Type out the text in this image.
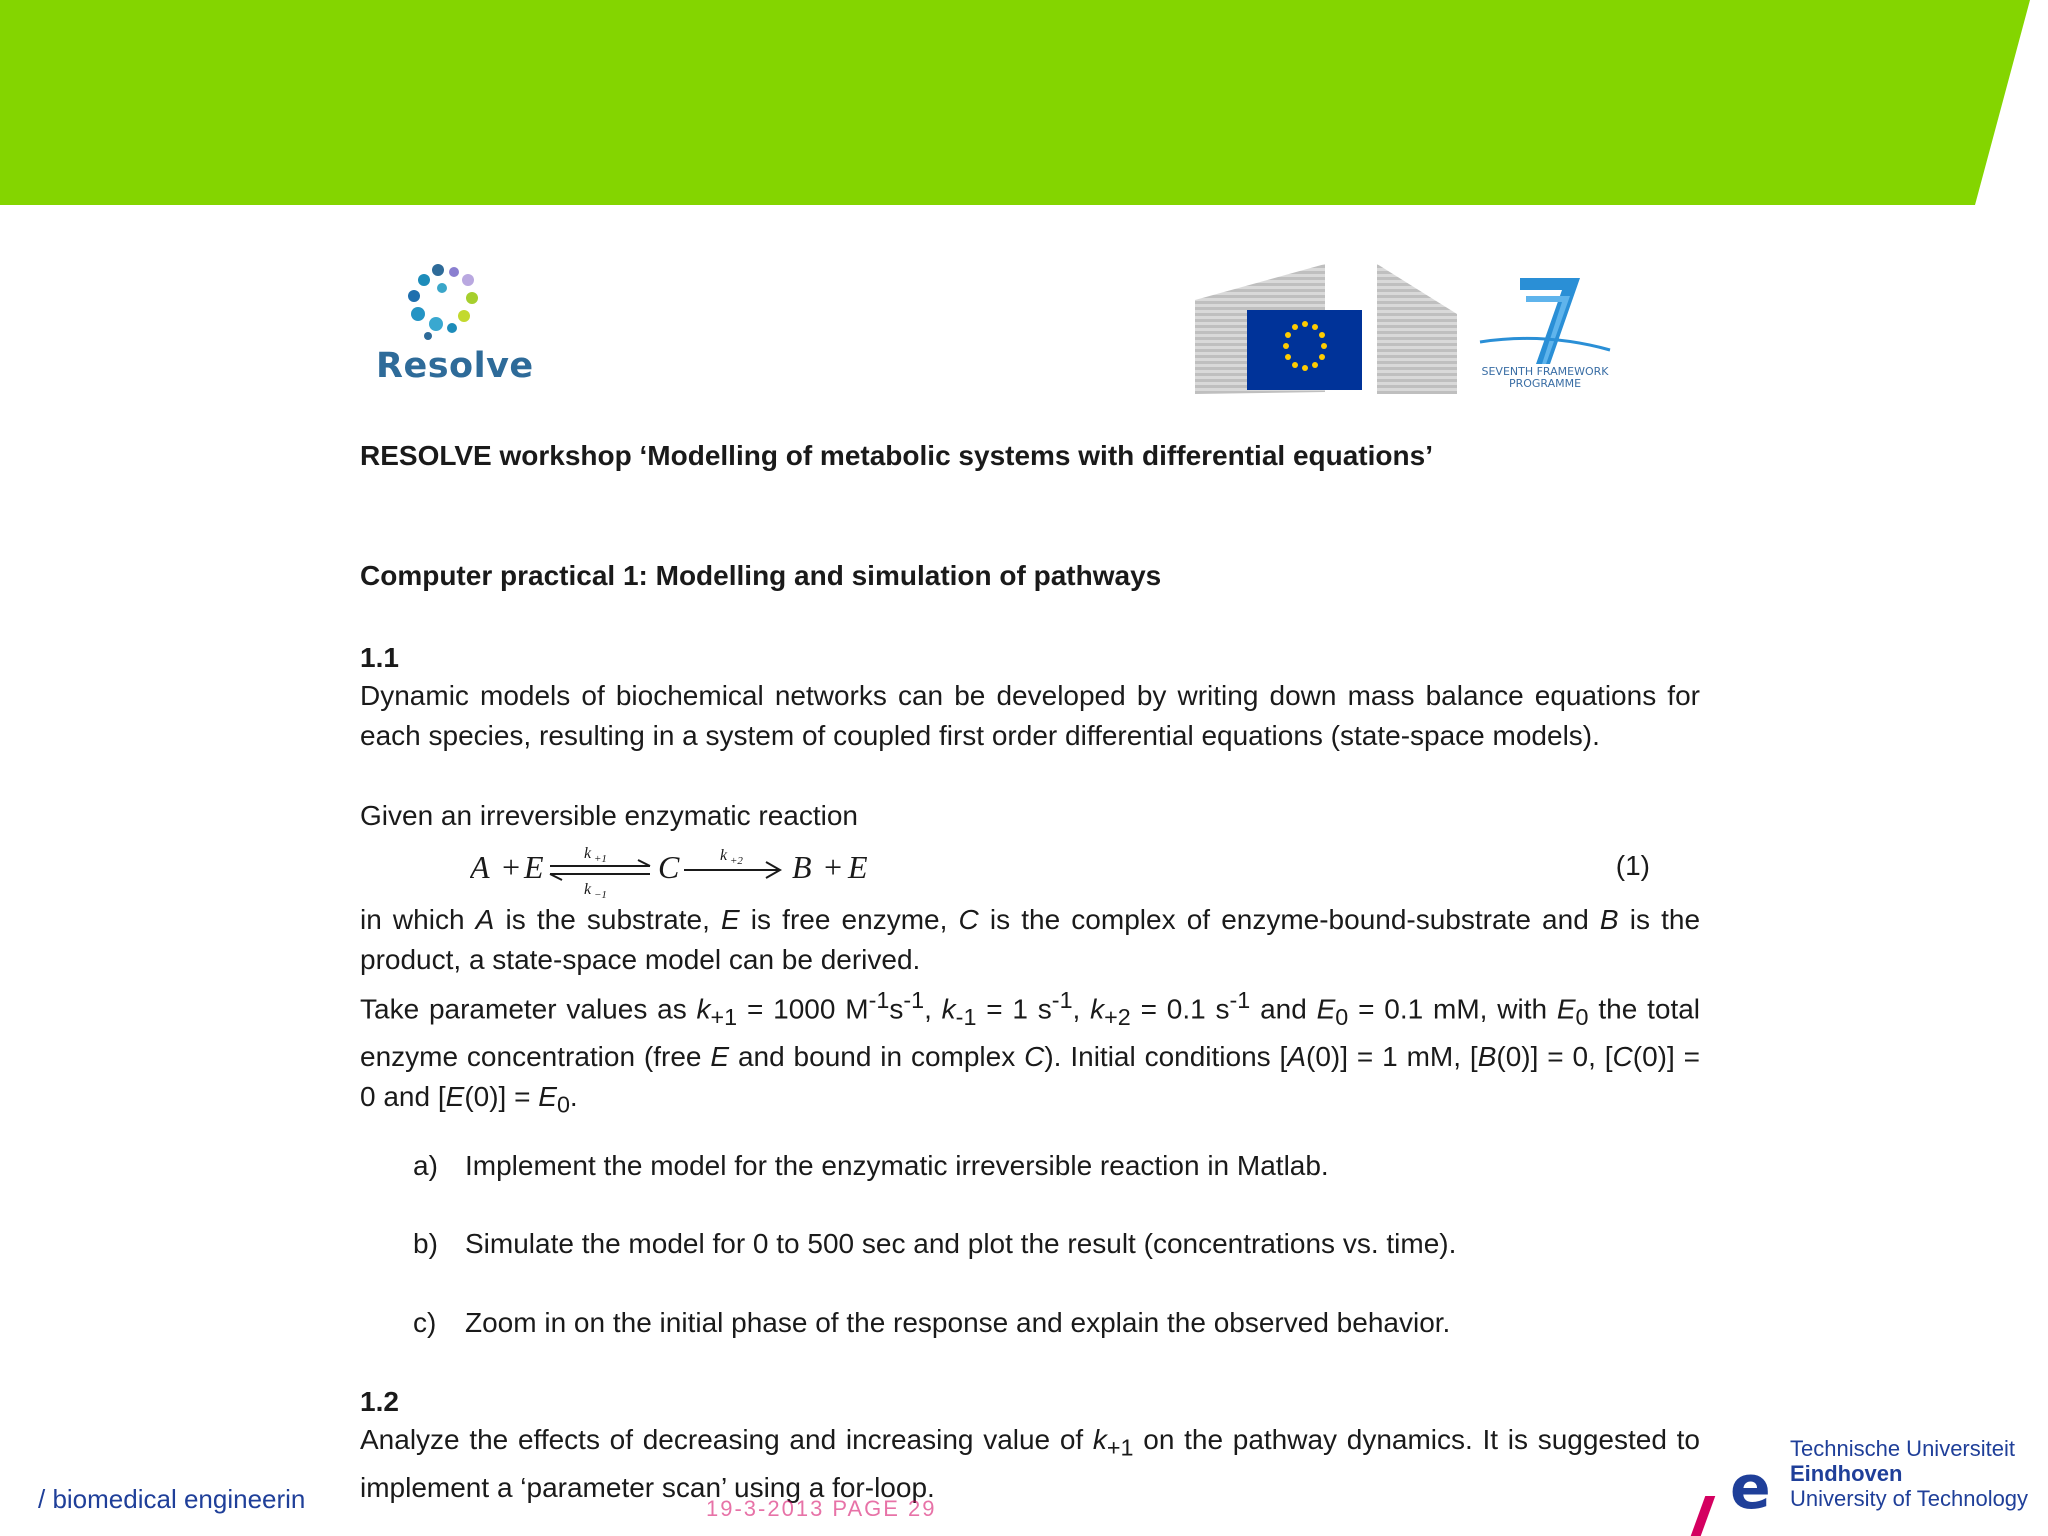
Resolve	SEVENTH FRAMEWORK PROGRAMME
RESOLVE workshop ‘Modelling of metabolic systems with differential equations’
Computer practical 1: Modelling and simulation of pathways
1.1
Dynamic models of biochemical networks can be developed by writing down mass balance equations for each species, resulting in a system of coupled first order differential equations (state-space models).
Given an irreversible enzymatic reaction
A + E	C	B + E
k +1
k −1
k +2	(1)
in which A is the substrate, E is free enzyme, C is the complex of enzyme-bound-substrate and B is the product, a state-space model can be derived.
Take parameter values as $k_{+1} = 1000$ $M^{-1}s^{-1}$, $k_{-1} = 1$ $s^{-1}$, $k_{+2} = 0.1$ $s^{-1}$ and $E_0 = 0.1$ mM, with $E_0$ the total enzyme concentration (free E and bound in complex C). Initial conditions [A(0)] = 1 mM, [B(0)] = 0, [C(0)] = 0 and $[E(0)] = E_0$.
a) Implement the model for the enzymatic irreversible reaction in Matlab.
b) Simulate the model for 0 to 500 sec and plot the result (concentrations vs. time).
c) Zoom in on the initial phase of the response and explain the observed behavior.
1.2
Analyze the effects of decreasing and increasing value of $k_{+1}$ on the pathway dynamics. It is suggested to implement a ‘parameter scan’ using a for-loop.
/ biomedical engineerin	19-3-2013 PAGE 29	e
Technische Universiteit
Eindhoven
University of Technology
